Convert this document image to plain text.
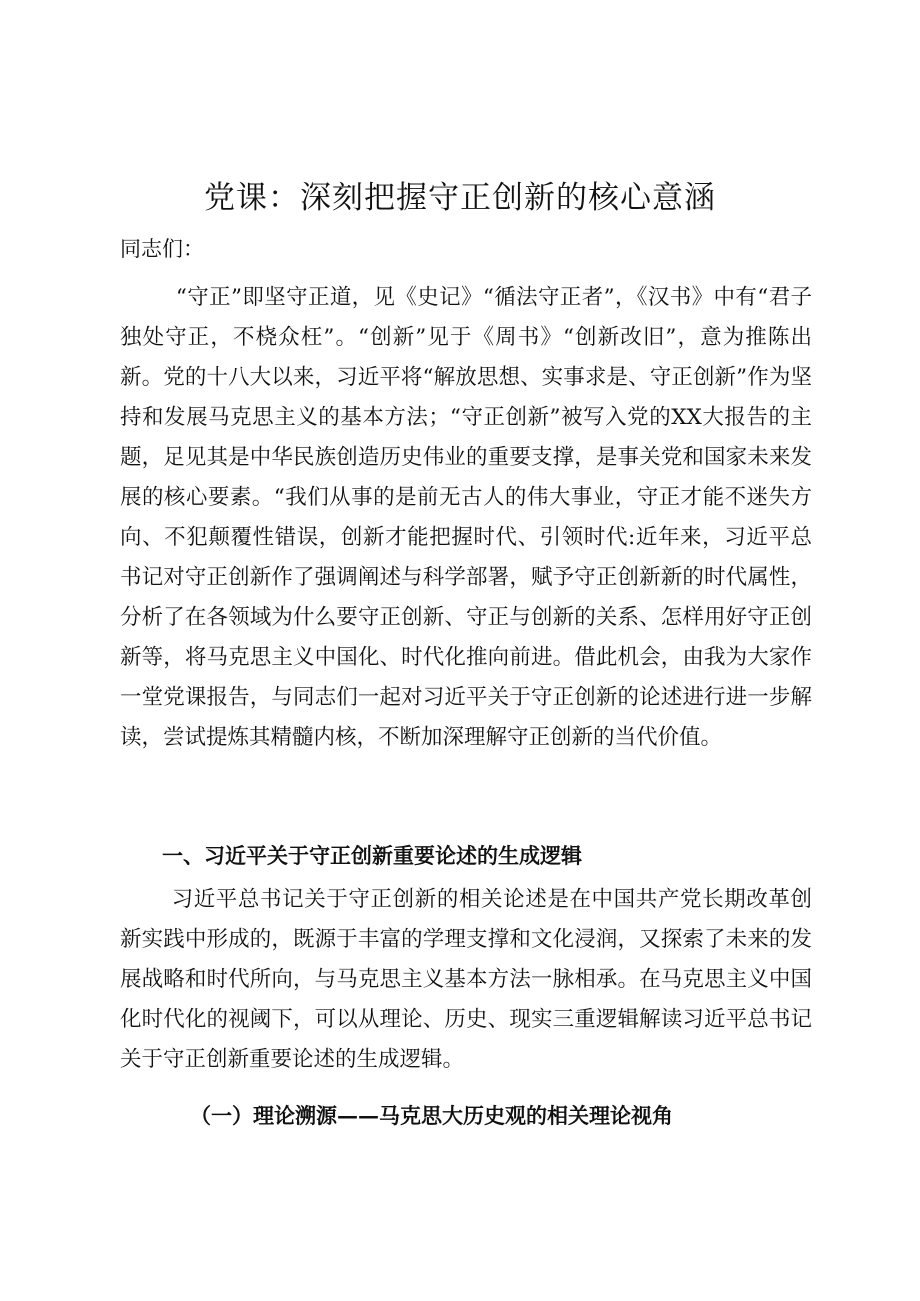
党课：深刻把握守正创新的核心意涵
同志们：

“守正”即坚守正道，见《史记》“循法守正者”，《汉书》中有“君子独处守正，不桡众枉”。“创新”见于《周书》“创新改旧”，意为推陈出新。党的十八大以来，习近平将“解放思想、实事求是、守正创新”作为坚持和发展马克思主义的基本方法；“守正创新”被写入党的XX大报告的主题，足见其是中华民族创造历史伟业的重要支撑，是事关党和国家未来发展的核心要素。“我们从事的是前无古人的伟大事业，守正才能不迷失方向、不犯颠覆性错误，创新才能把握时代、引领时代:近年来，习近平总书记对守正创新作了强调阐述与科学部署，赋予守正创新新的时代属性，分析了在各领域为什么要守正创新、守正与创新的关系、怎样用好守正创新等，将马克思主义中国化、时代化推向前进。借此机会，由我为大家作一堂党课报告，与同志们一起对习近平关于守正创新的论述进行进一步解读，尝试提炼其精髓内核，不断加深理解守正创新的当代价值。

一、习近平关于守正创新重要论述的生成逻辑

习近平总书记关于守正创新的相关论述是在中国共产党长期改革创新实践中形成的，既源于丰富的学理支撑和文化浸润，又探索了未来的发展战略和时代所向，与马克思主义基本方法一脉相承。在马克思主义中国化时代化的视阈下，可以从理论、历史、现实三重逻辑解读习近平总书记关于守正创新重要论述的生成逻辑。

（一）理论溯源——马克思大历史观的相关理论视角
